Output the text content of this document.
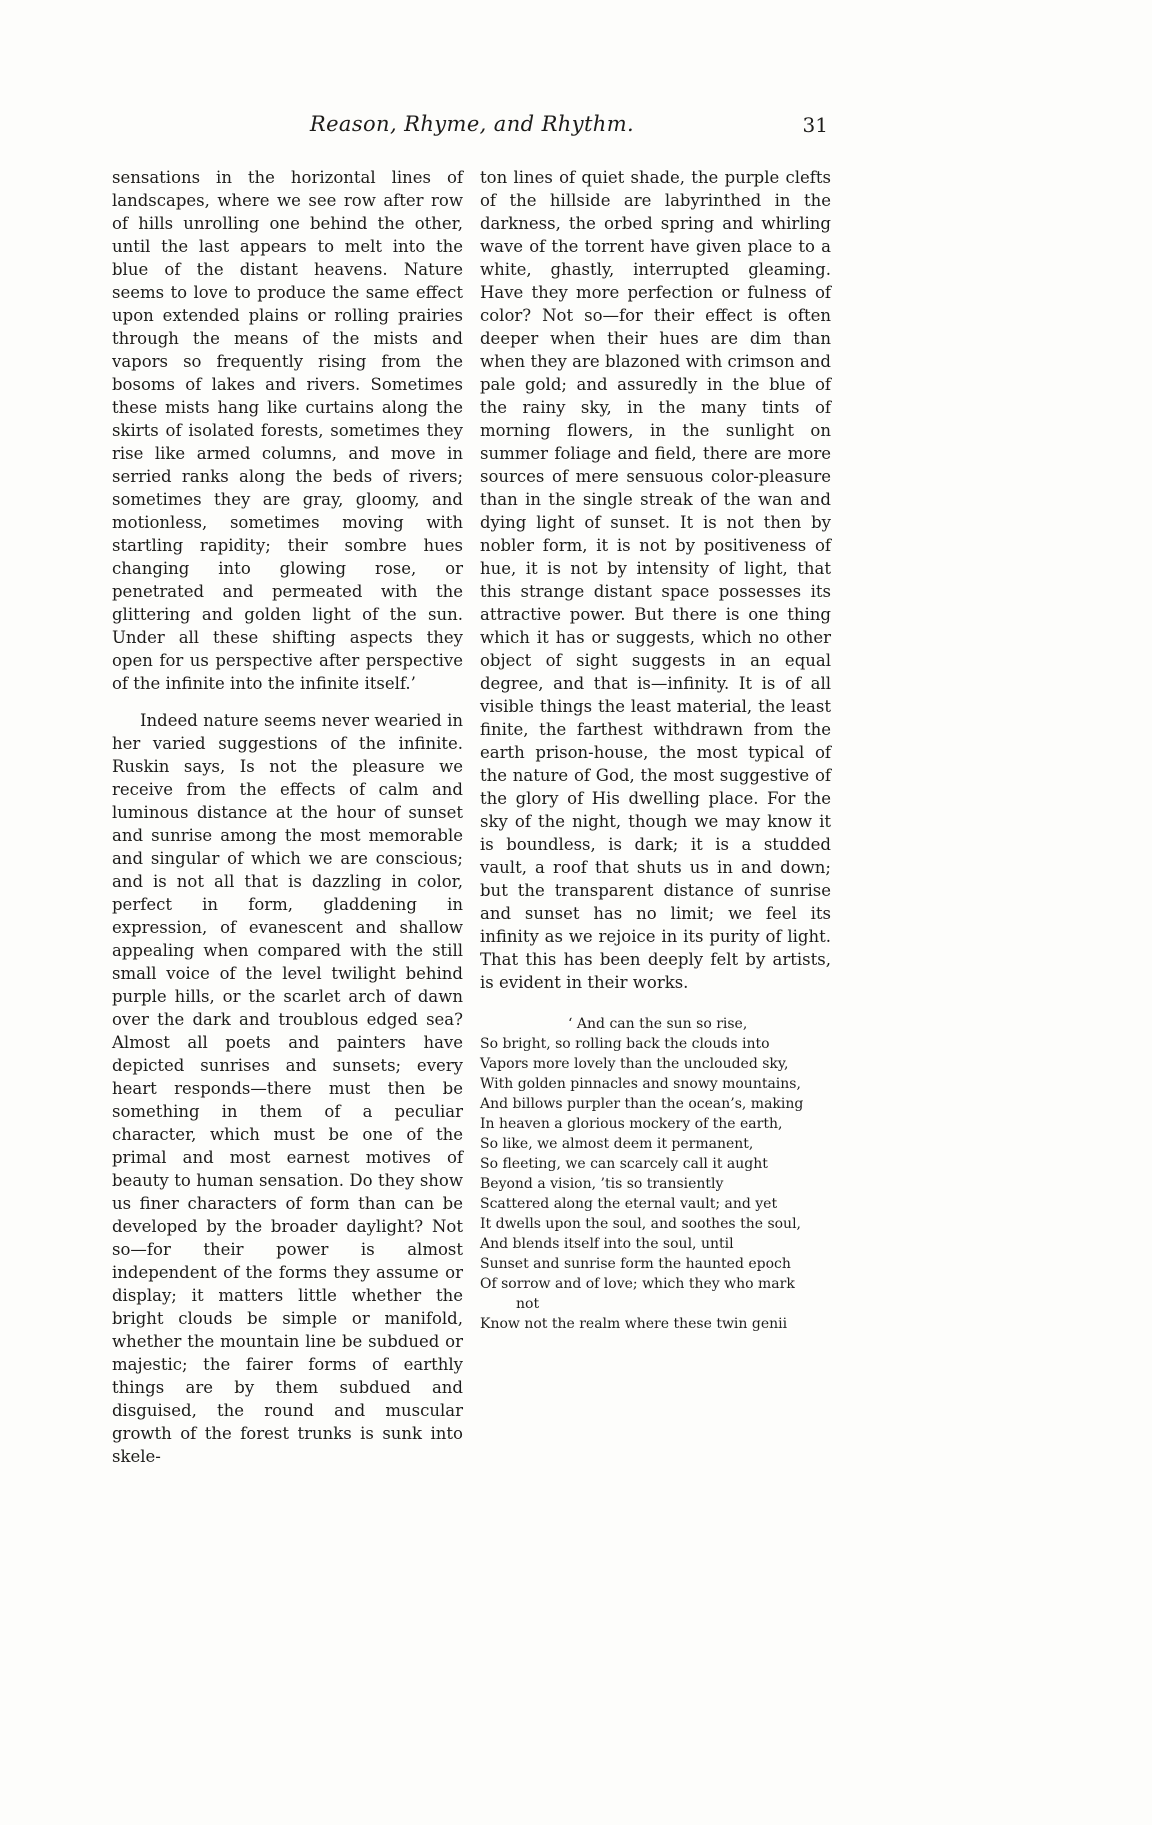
Reason, Rhyme, and Rhythm.	31

sensations in the horizontal lines of landscapes, where we see row after row of hills unrolling one behind the other, until the last appears to melt into the blue of the distant heavens. Nature seems to love to produce the same effect upon extended plains or rolling prairies through the means of the mists and vapors so frequently rising from the bosoms of lakes and rivers. Sometimes these mists hang like curtains along the skirts of isolated forests, sometimes they rise like armed columns, and move in serried ranks along the beds of rivers; sometimes they are gray, gloomy, and motionless, sometimes moving with startling rapidity; their sombre hues changing into glowing rose, or penetrated and permeated with the glittering and golden light of the sun. Under all these shifting aspects they open for us perspective after perspective of the infinite into the infinite itself.’

Indeed nature seems never wearied in her varied suggestions of the infinite. Ruskin says, Is not the pleasure we receive from the effects of calm and luminous distance at the hour of sunset and sunrise among the most memorable and singular of which we are conscious; and is not all that is dazzling in color, perfect in form, gladdening in expression, of evanescent and shallow appealing when compared with the still small voice of the level twilight behind purple hills, or the scarlet arch of dawn over the dark and troublous edged sea? Almost all poets and painters have depicted sunrises and sunsets; every heart responds—there must then be something in them of a peculiar character, which must be one of the primal and most earnest motives of beauty to human sensation. Do they show us finer characters of form than can be developed by the broader daylight? Not so—for their power is almost independent of the forms they assume or display; it matters little whether the bright clouds be simple or manifold, whether the mountain line be subdued or majestic; the fairer forms of earthly things are by them subdued and disguised, the round and muscular growth of the forest trunks is sunk into skele-

ton lines of quiet shade, the purple clefts of the hillside are labyrinthed in the darkness, the orbed spring and whirling wave of the torrent have given place to a white, ghastly, interrupted gleaming. Have they more perfection or fulness of color? Not so—for their effect is often deeper when their hues are dim than when they are blazoned with crimson and pale gold; and assuredly in the blue of the rainy sky, in the many tints of morning flowers, in the sunlight on summer foliage and field, there are more sources of mere sensuous color-pleasure than in the single streak of the wan and dying light of sunset. It is not then by nobler form, it is not by positiveness of hue, it is not by intensity of light, that this strange distant space possesses its attractive power. But there is one thing which it has or suggests, which no other object of sight suggests in an equal degree, and that is—infinity. It is of all visible things the least material, the least finite, the farthest withdrawn from the earth prison-house, the most typical of the nature of God, the most suggestive of the glory of His dwelling place. For the sky of the night, though we may know it is boundless, is dark; it is a studded vault, a roof that shuts us in and down; but the transparent distance of sunrise and sunset has no limit; we feel its infinity as we rejoice in its purity of light. That this has been deeply felt by artists, is evident in their works.

‘ And can the sun so rise,
So bright, so rolling back the clouds into
Vapors more lovely than the unclouded sky,
With golden pinnacles and snowy mountains,
And billows purpler than the ocean’s, making
In heaven a glorious mockery of the earth,
So like, we almost deem it permanent,
So fleeting, we can scarcely call it aught
Beyond a vision, ’tis so transiently
Scattered along the eternal vault; and yet
It dwells upon the soul, and soothes the soul,
And blends itself into the soul, until
Sunset and sunrise form the haunted epoch
Of sorrow and of love; which they who mark
not
Know not the realm where these twin genii
